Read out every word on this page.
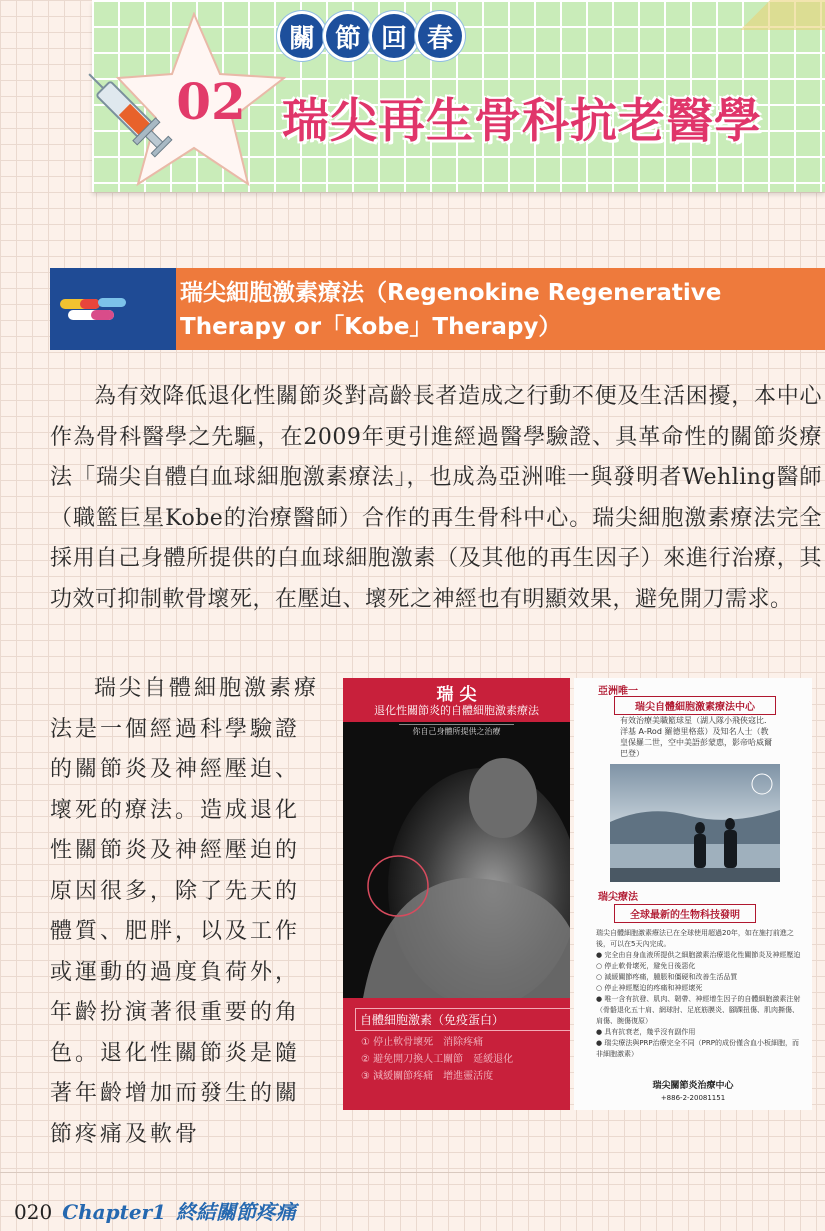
02
關 節 回 春
瑞尖再生骨科抗老醫學
瑞尖細胞激素療法（Regenokine Regenerative Therapy or「Kobe」Therapy）

為有效降低退化性關節炎對高齡長者造成之行動不便及生活困擾，本中心作為骨科醫學之先驅，在2009年更引進經過醫學驗證、具革命性的關節炎療法「瑞尖自體白血球細胞激素療法」，也成為亞洲唯一與發明者Wehling醫師（職籃巨星Kobe的治療醫師）合作的再生骨科中心。瑞尖細胞激素療法完全採用自己身體所提供的白血球細胞激素（及其他的再生因子）來進行治療，其功效可抑制軟骨壞死，在壓迫、壞死之神經也有明顯效果，避免開刀需求。

瑞尖自體細胞激素療法是一個經過科學驗證的關節炎及神經壓迫、壞死的療法。造成退化性關節炎及神經壓迫的原因很多，除了先天的體質、肥胖，以及工作或運動的過度負荷外，年齡扮演著很重要的角色。退化性關節炎是隨著年齡增加而發生的關節疼痛及軟骨

瑞 尖
退化性關節炎的自體細胞激素療法
你自己身體所提供之治療
自體細胞激素（免疫蛋白）
① 停止軟骨壞死　消除疼痛
② 避免開刀換人工關節　延緩退化
③ 減緩關節疼痛　增進靈活度
亞洲唯一
瑞尖自體細胞激素療法中心
有效治療美職籃球星（湖人隊小飛俠寇比．洋基 A-Rod 羅德里格茲）及知名人士（教皇保羅二世，空中美語彭蒙惠，影帝哈威爾巴登）
瑞尖療法
全球最新的生物科技發明
瑞尖自體細胞激素療法已在全球使用超過20年，如在施打前進之後，可以在5天內完成。
● 完全由自身血液所提供之細胞激素治療退化性關節炎及神經壓迫
○ 停止軟骨壞死，避免日後惡化
○ 減緩關節疼痛，腫脹和僵硬和改善生活品質
○ 停止神經壓迫的疼痛和神經壞死
● 唯一含有抗發、肌肉、韌帶、神經增生因子的自體細胞激素注射（骨骼退化五十肩、網球肘、足底筋膜炎、腳踝扭傷、肌肉撕傷、肩傷、腕傷復原）
● 具有抗衰老，幾乎沒有副作用
● 瑞尖療法與PRP治療完全不同（PRP的成份僅含血小板細胞，而非細胞激素）
瑞尖關節炎治療中心
+886-2-20081151
020 Chapter1 終結關節疼痛
